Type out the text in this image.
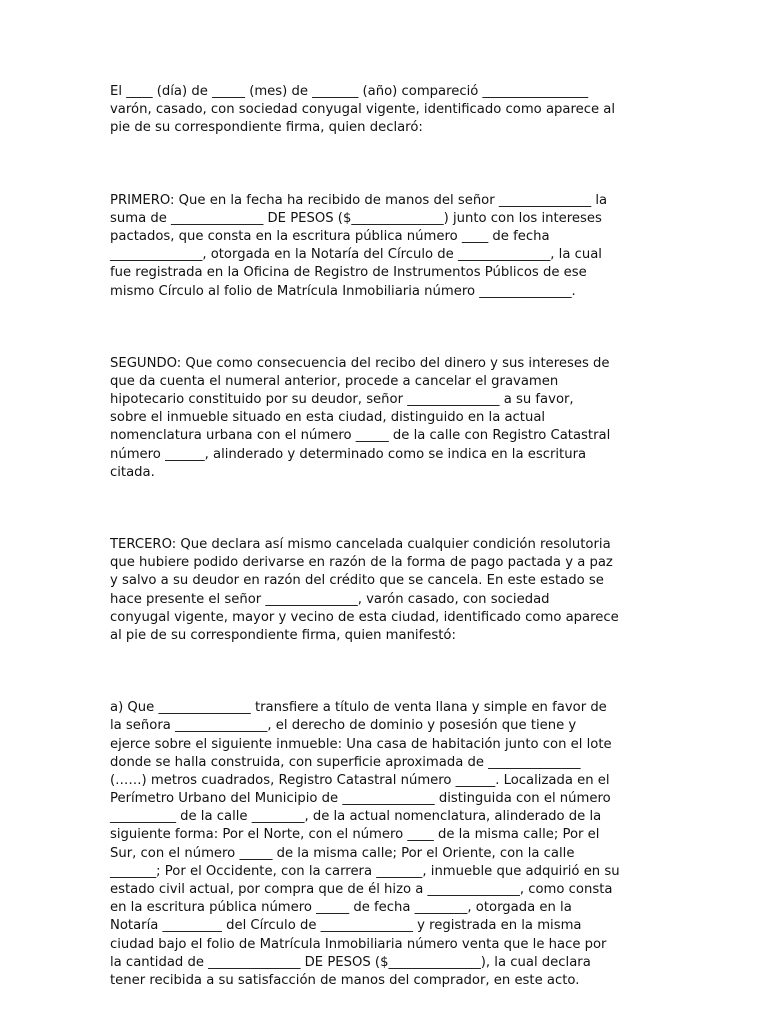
El ____ (día) de _____ (mes) de _______ (año) compareció ________________
varón, casado, con sociedad conyugal vigente, identificado como aparece al
pie de su correspondiente firma, quien declaró:

PRIMERO: Que en la fecha ha recibido de manos del señor ______________ la
suma de ______________ DE PESOS ($______________) junto con los intereses
pactados, que consta en la escritura pública número ____ de fecha
______________, otorgada en la Notaría del Círculo de ______________, la cual
fue registrada en la Oficina de Registro de Instrumentos Públicos de ese
mismo Círculo al folio de Matrícula Inmobiliaria número ______________.

SEGUNDO: Que como consecuencia del recibo del dinero y sus intereses de
que da cuenta el numeral anterior, procede a cancelar el gravamen
hipotecario constituido por su deudor, señor ______________ a su favor,
sobre el inmueble situado en esta ciudad, distinguido en la actual
nomenclatura urbana con el número _____ de la calle con Registro Catastral
número ______, alinderado y determinado como se indica en la escritura
citada.

TERCERO: Que declara así mismo cancelada cualquier condición resolutoria
que hubiere podido derivarse en razón de la forma de pago pactada y a paz
y salvo a su deudor en razón del crédito que se cancela. En este estado se
hace presente el señor ______________, varón casado, con sociedad
conyugal vigente, mayor y vecino de esta ciudad, identificado como aparece
al pie de su correspondiente firma, quien manifestó:

a) Que ______________ transfiere a título de venta llana y simple en favor de
la señora ______________, el derecho de dominio y posesión que tiene y
ejerce sobre el siguiente inmueble: Una casa de habitación junto con el lote
donde se halla construida, con superficie aproximada de ______________
(……) metros cuadrados, Registro Catastral número ______. Localizada en el
Perímetro Urbano del Municipio de ______________ distinguida con el número
__________ de la calle ________, de la actual nomenclatura, alinderado de la
siguiente forma: Por el Norte, con el número ____ de la misma calle; Por el
Sur, con el número _____ de la misma calle; Por el Oriente, con la calle
_______; Por el Occidente, con la carrera _______, inmueble que adquirió en su
estado civil actual, por compra que de él hizo a ______________, como consta
en la escritura pública número _____ de fecha ________, otorgada en la
Notaría _________ del Círculo de ______________ y registrada en la misma
ciudad bajo el folio de Matrícula Inmobiliaria número venta que le hace por
la cantidad de ______________ DE PESOS ($______________), la cual declara
tener recibida a su satisfacción de manos del comprador, en este acto.
